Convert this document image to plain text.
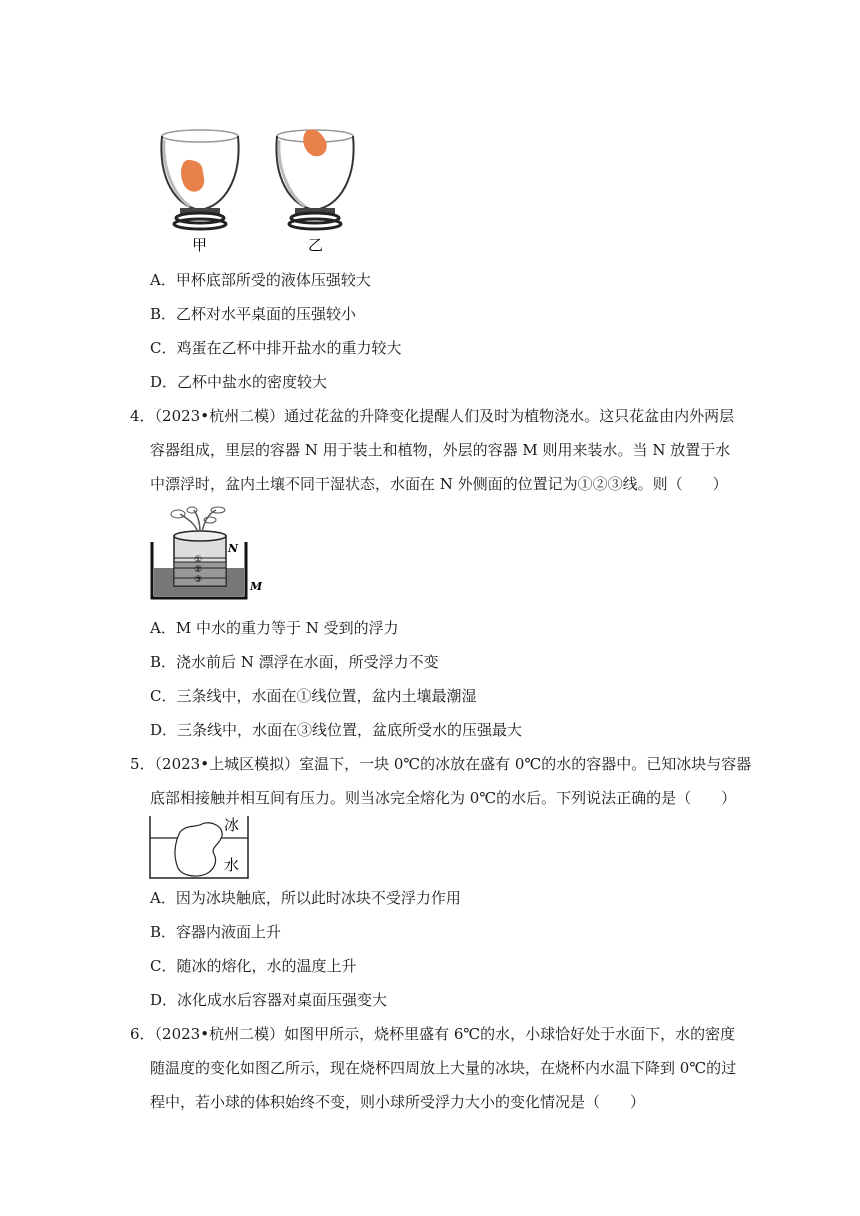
甲	乙
A．甲杯底部所受的液体压强较大
B．乙杯对水平桌面的压强较小
C．鸡蛋在乙杯中排开盐水的重力较大
D．乙杯中盐水的密度较大
4．（2023•杭州二模）通过花盆的升降变化提醒人们及时为植物浇水。这只花盆由内外两层
容器组成，里层的容器 N 用于装土和植物，外层的容器 M 则用来装水。当 N 放置于水
中漂浮时，盆内土壤不同干湿状态，水面在 N 外侧面的位置记为①②③线。则（　　）
①
②
③
N
M
A．M 中水的重力等于 N 受到的浮力
B．浇水前后 N 漂浮在水面，所受浮力不变
C．三条线中，水面在①线位置，盆内土壤最潮湿
D．三条线中，水面在③线位置，盆底所受水的压强最大
5．（2023•上城区模拟）室温下，一块 0℃的冰放在盛有 0℃的水的容器中。已知冰块与容器
底部相接触并相互间有压力。则当冰完全熔化为 0℃的水后。下列说法正确的是（　　）
冰
水
A．因为冰块触底，所以此时冰块不受浮力作用
B．容器内液面上升
C．随冰的熔化，水的温度上升
D．冰化成水后容器对桌面压强变大
6．（2023•杭州二模）如图甲所示，烧杯里盛有 6℃的水，小球恰好处于水面下，水的密度
随温度的变化如图乙所示，现在烧杯四周放上大量的冰块，在烧杯内水温下降到 0℃的过
程中，若小球的体积始终不变，则小球所受浮力大小的变化情况是（　　）
